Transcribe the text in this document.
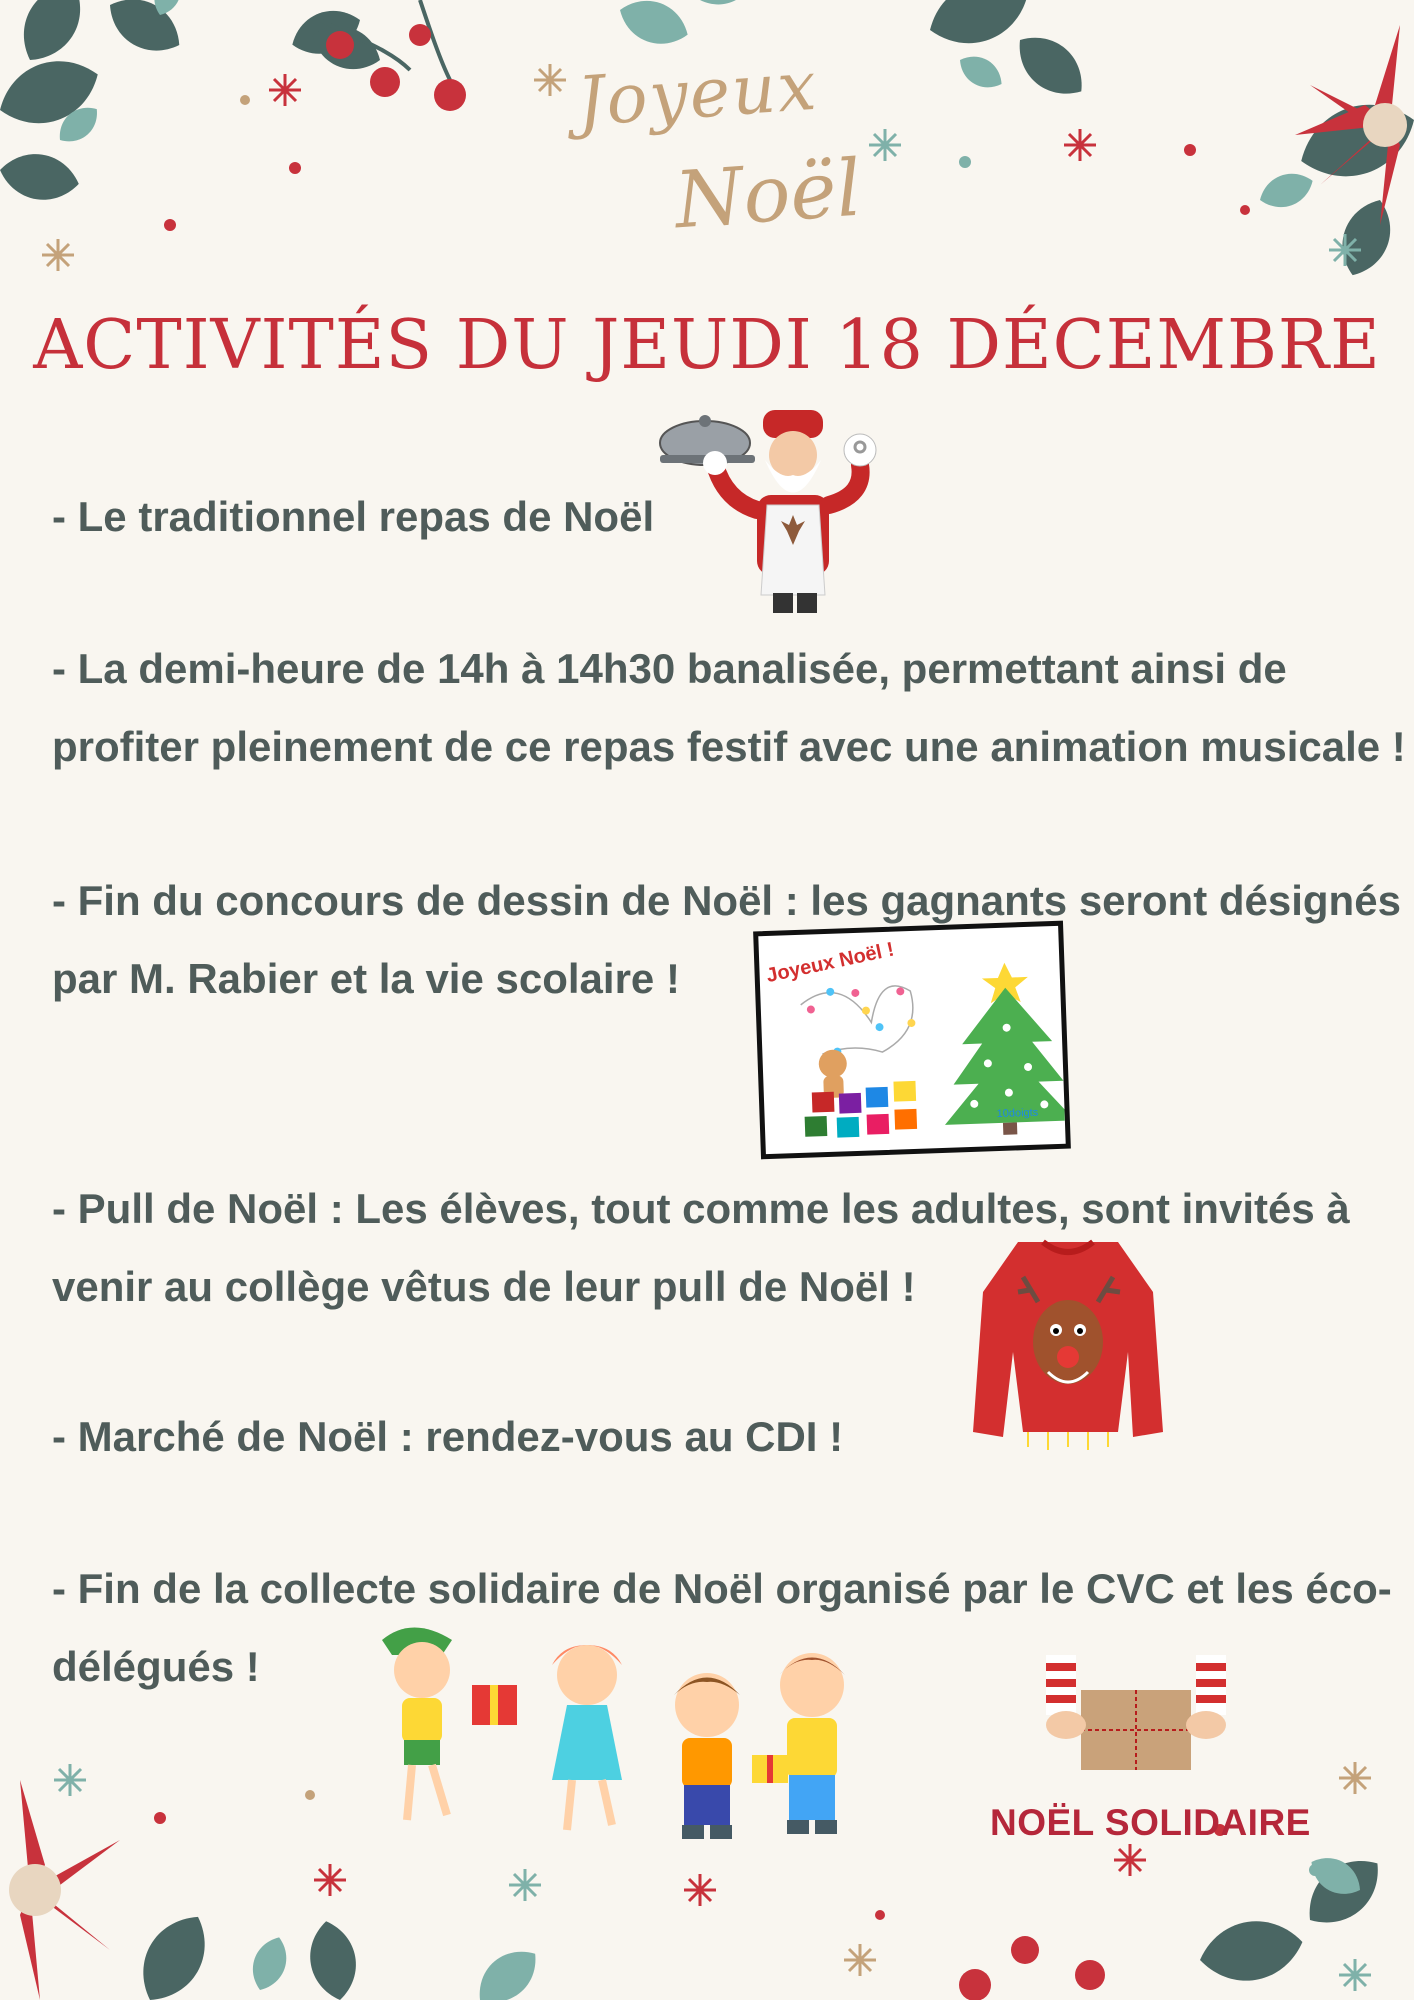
Joyeux
Noël
ACTIVITÉS DU JEUDI 18 DÉCEMBRE
- Le traditionnel repas de Noël
- La demi-heure de 14h à 14h30 banalisée, permettant ainsi de
profiter pleinement de ce repas festif avec une animation musicale !
- Fin du concours de dessin de Noël : les gagnants seront désignés
par M. Rabier et la vie scolaire !
- Pull de Noël : Les élèves, tout comme les adultes, sont invités à
venir au collège vêtus de leur pull de Noël !
- Marché de Noël : rendez-vous au CDI !
- Fin de la collecte solidaire de Noël organisé par le CVC et les éco-
délégués !
Joyeux Noël !
10doigts
NOËL SOLIDAIRE
